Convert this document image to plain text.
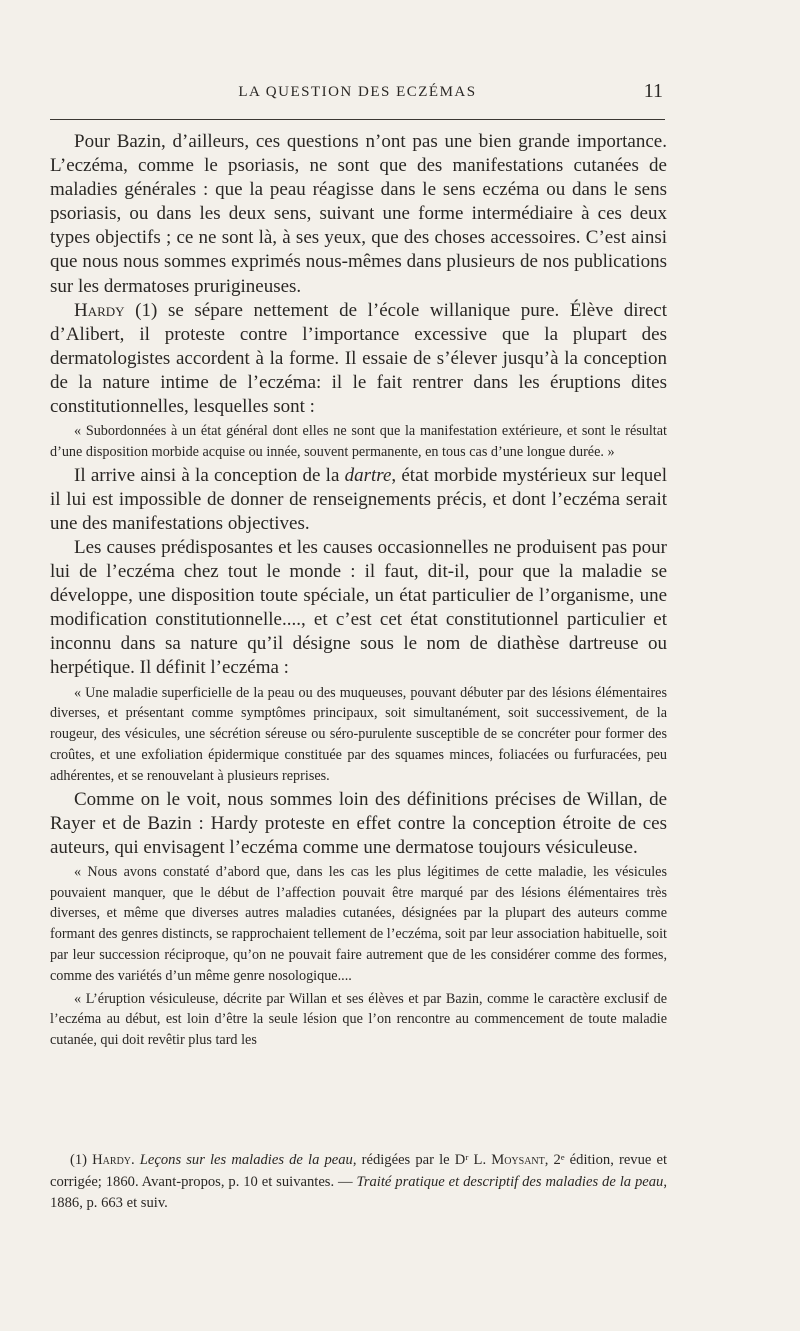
LA QUESTION DES ECZÉMAS	11

Pour Bazin, d’ailleurs, ces questions n’ont pas une bien grande importance. L’eczéma, comme le psoriasis, ne sont que des manifestations cutanées de maladies générales : que la peau réagisse dans le sens eczéma ou dans le sens psoriasis, ou dans les deux sens, suivant une forme intermédiaire à ces deux types objectifs ; ce ne sont là, à ses yeux, que des choses accessoires. C’est ainsi que nous nous sommes exprimés nous-mêmes dans plusieurs de nos publications sur les dermatoses prurigineuses.

Hardy (1) se sépare nettement de l’école willanique pure. Élève direct d’Alibert, il proteste contre l’importance excessive que la plupart des dermatologistes accordent à la forme. Il essaie de s’élever jusqu’à la conception de la nature intime de l’eczéma: il le fait rentrer dans les éruptions dites constitutionnelles, lesquelles sont :

« Subordonnées à un état général dont elles ne sont que la manifestation extérieure, et sont le résultat d’une disposition morbide acquise ou innée, souvent permanente, en tous cas d’une longue durée. »

Il arrive ainsi à la conception de la dartre, état morbide mystérieux sur lequel il lui est impossible de donner de renseignements précis, et dont l’eczéma serait une des manifestations objectives.

Les causes prédisposantes et les causes occasionnelles ne produisent pas pour lui de l’eczéma chez tout le monde : il faut, dit-il, pour que la maladie se développe, une disposition toute spéciale, un état particulier de l’organisme, une modification constitutionnelle...., et c’est cet état constitutionnel particulier et inconnu dans sa nature qu’il désigne sous le nom de diathèse dartreuse ou herpétique. Il définit l’eczéma :

« Une maladie superficielle de la peau ou des muqueuses, pouvant débuter par des lésions élémentaires diverses, et présentant comme symptômes principaux, soit simultanément, soit successivement, de la rougeur, des vésicules, une sécrétion séreuse ou séro-purulente susceptible de se concréter pour former des croûtes, et une exfoliation épidermique constituée par des squames minces, foliacées ou furfuracées, peu adhérentes, et se renouvelant à plusieurs reprises.

Comme on le voit, nous sommes loin des définitions précises de Willan, de Rayer et de Bazin : Hardy proteste en effet contre la conception étroite de ces auteurs, qui envisagent l’eczéma comme une dermatose toujours vésiculeuse.

« Nous avons constaté d’abord que, dans les cas les plus légitimes de cette maladie, les vésicules pouvaient manquer, que le début de l’affection pouvait être marqué par des lésions élémentaires très diverses, et même que diverses autres maladies cutanées, désignées par la plupart des auteurs comme formant des genres distincts, se rapprochaient tellement de l’eczéma, soit par leur association habituelle, soit par leur succession réciproque, qu’on ne pouvait faire autrement que de les considérer comme des formes, comme des variétés d’un même genre nosologique....

« L’éruption vésiculeuse, décrite par Willan et ses élèves et par Bazin, comme le caractère exclusif de l’eczéma au début, est loin d’être la seule lésion que l’on rencontre au commencement de toute maladie cutanée, qui doit revêtir plus tard les

(1) Hardy. Leçons sur les maladies de la peau, rédigées par le Dʳ L. Moysant, 2ᵉ édition, revue et corrigée; 1860. Avant-propos, p. 10 et suivantes. — Traité pratique et descriptif des maladies de la peau, 1886, p. 663 et suiv.
